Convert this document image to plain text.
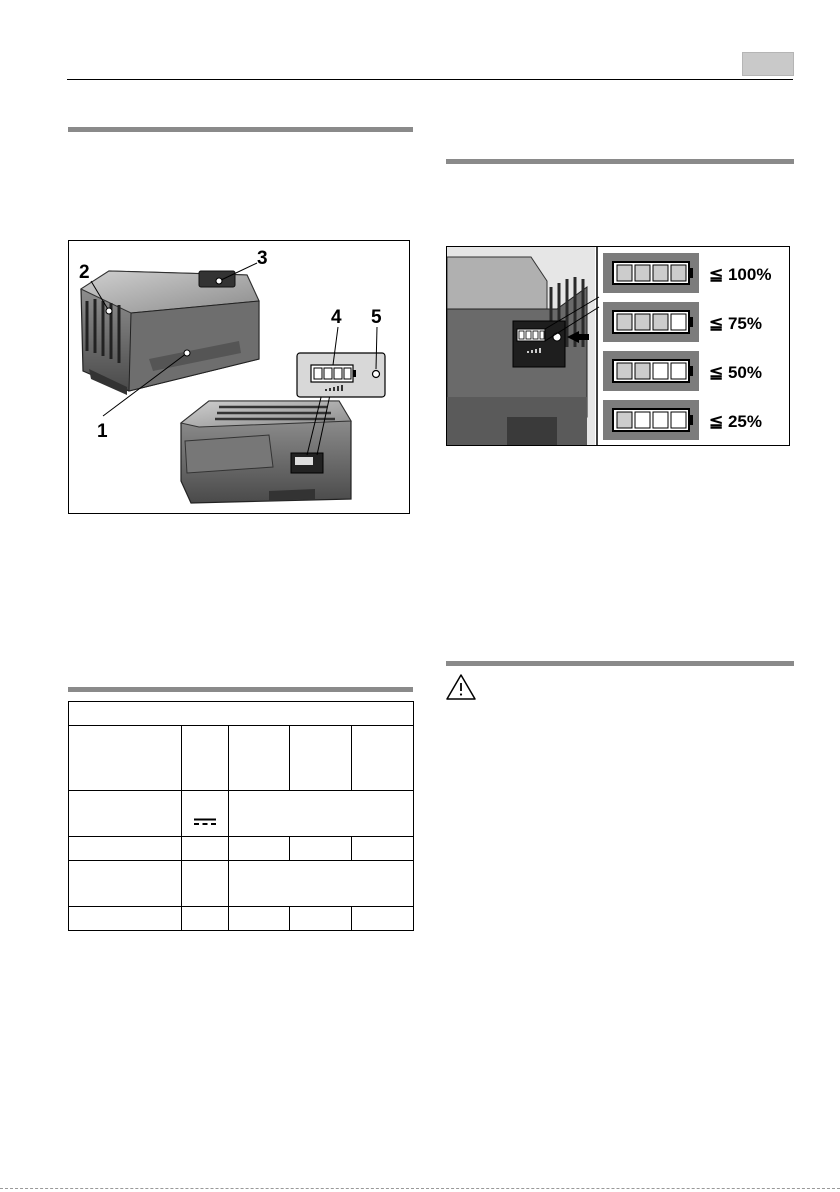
1
2
3
4 5

≦ 100%
≦ 75%
≦ 50%
≦ 25%
